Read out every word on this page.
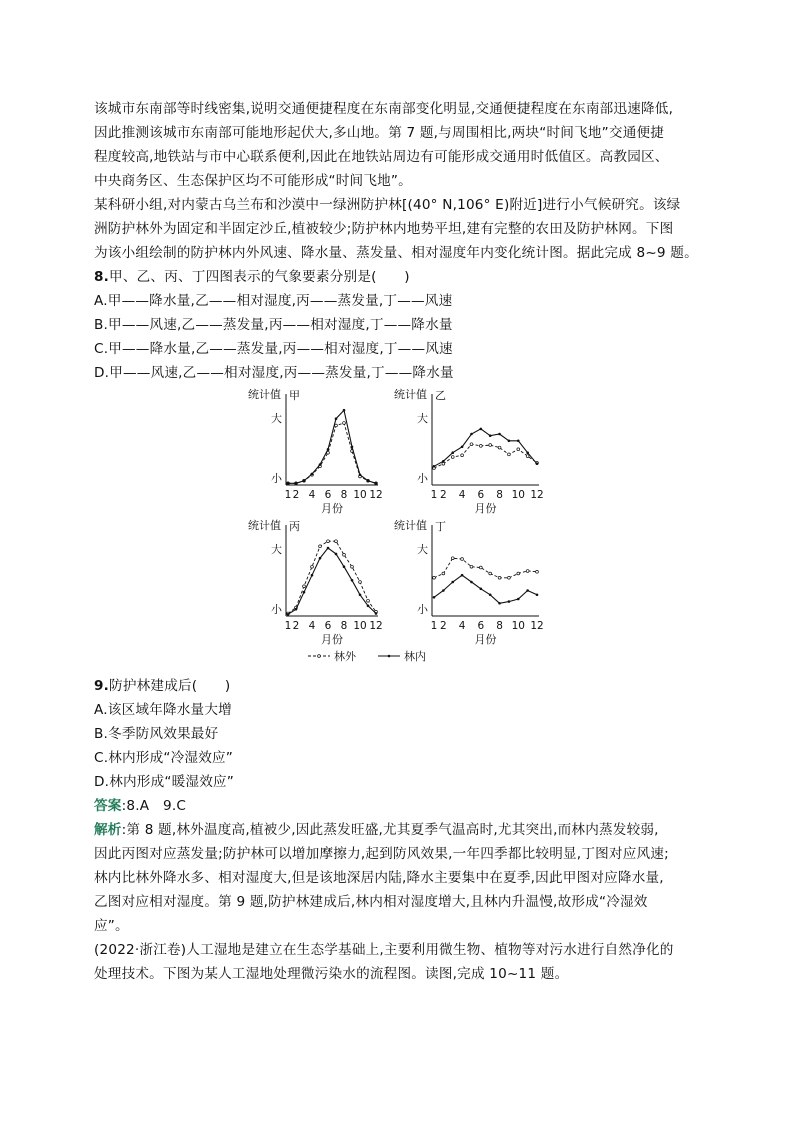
该城市东南部等时线密集,说明交通便捷程度在东南部变化明显,交通便捷程度在东南部迅速降低,
因此推测该城市东南部可能地形起伏大,多山地。第 7 题,与周围相比,两块“时间飞地”交通便捷
程度较高,地铁站与市中心联系便利,因此在地铁站周边有可能形成交通用时低值区。高教园区、
中央商务区、生态保护区均不可能形成“时间飞地”。
某科研小组,对内蒙古乌兰布和沙漠中一绿洲防护林[(40° N,106° E)附近]进行小气候研究。该绿
洲防护林外为固定和半固定沙丘,植被较少;防护林内地势平坦,建有完整的农田及防护林网。下图
为该小组绘制的防护林内外风速、降水量、蒸发量、相对湿度年内变化统计图。据此完成 8~9 题。
8.甲、乙、丙、丁四图表示的气象要素分别是(　　)
A.甲——降水量,乙——相对湿度,丙——蒸发量,丁——风速
B.甲——风速,乙——蒸发量,丙——相对湿度,丁——降水量
C.甲——降水量,乙——蒸发量,丙——相对湿度,丁——风速
D.甲——风速,乙——相对湿度,丙——蒸发量,丁——降水量
统计值 甲
大
小
1 2 4 6 8 10 12
月份
统计值 乙
大
小
1 2 4 6 8 10 12
月份
统计值 丙
大
小
1 2 4 6 8 10 12
月份
统计值 丁
大
小
1 2 4 6 8 10 12
月份
林外	林内
9.防护林建成后(　　)
A.该区域年降水量大增
B.冬季防风效果最好
C.林内形成“冷湿效应”
D.林内形成“暖湿效应”
答案:8.A　9.C
解析:第 8 题,林外温度高,植被少,因此蒸发旺盛,尤其夏季气温高时,尤其突出,而林内蒸发较弱,
因此丙图对应蒸发量;防护林可以增加摩擦力,起到防风效果,一年四季都比较明显,丁图对应风速;
林内比林外降水多、相对湿度大,但是该地深居内陆,降水主要集中在夏季,因此甲图对应降水量,
乙图对应相对湿度。第 9 题,防护林建成后,林内相对湿度增大,且林内升温慢,故形成“冷湿效
应”。
(2022·浙江卷)人工湿地是建立在生态学基础上,主要利用微生物、植物等对污水进行自然净化的
处理技术。下图为某人工湿地处理微污染水的流程图。读图,完成 10~11 题。
